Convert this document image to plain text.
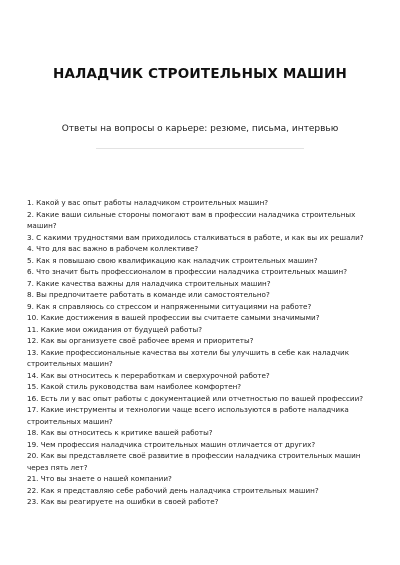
НАЛАДЧИК СТРОИТЕЛЬНЫХ МАШИН
Ответы на вопросы о карьере: резюме, письма, интервью
1. Какой у вас опыт работы наладчиком строительных машин?
2. Какие ваши сильные стороны помогают вам в профессии наладчика строительных машин?
3. С какими трудностями вам приходилось сталкиваться в работе, и как вы их решали?
4. Что для вас важно в рабочем коллективе?
5. Как я повышаю свою квалификацию как наладчик строительных машин?
6. Что значит быть профессионалом в профессии наладчика строительных машин?
7. Какие качества важны для наладчика строительных машин?
8. Вы предпочитаете работать в команде или самостоятельно?
9. Как я справляюсь со стрессом и напряженными ситуациями на работе?
10. Какие достижения в вашей профессии вы считаете самыми значимыми?
11. Какие мои ожидания от будущей работы?
12. Как вы организуете своё рабочее время и приоритеты?
13. Какие профессиональные качества вы хотели бы улучшить в себе как наладчик строительных машин?
14. Как вы относитесь к переработкам и сверхурочной работе?
15. Какой стиль руководства вам наиболее комфортен?
16. Есть ли у вас опыт работы с документацией или отчетностью по вашей профессии?
17. Какие инструменты и технологии чаще всего используются в работе наладчика строительных машин?
18. Как вы относитесь к критике вашей работы?
19. Чем профессия наладчика строительных машин отличается от других?
20. Как вы представляете своё развитие в профессии наладчика строительных машин через пять лет?
21. Что вы знаете о нашей компании?
22. Как я представляю себе рабочий день наладчика строительных машин?
23. Как вы реагируете на ошибки в своей работе?
